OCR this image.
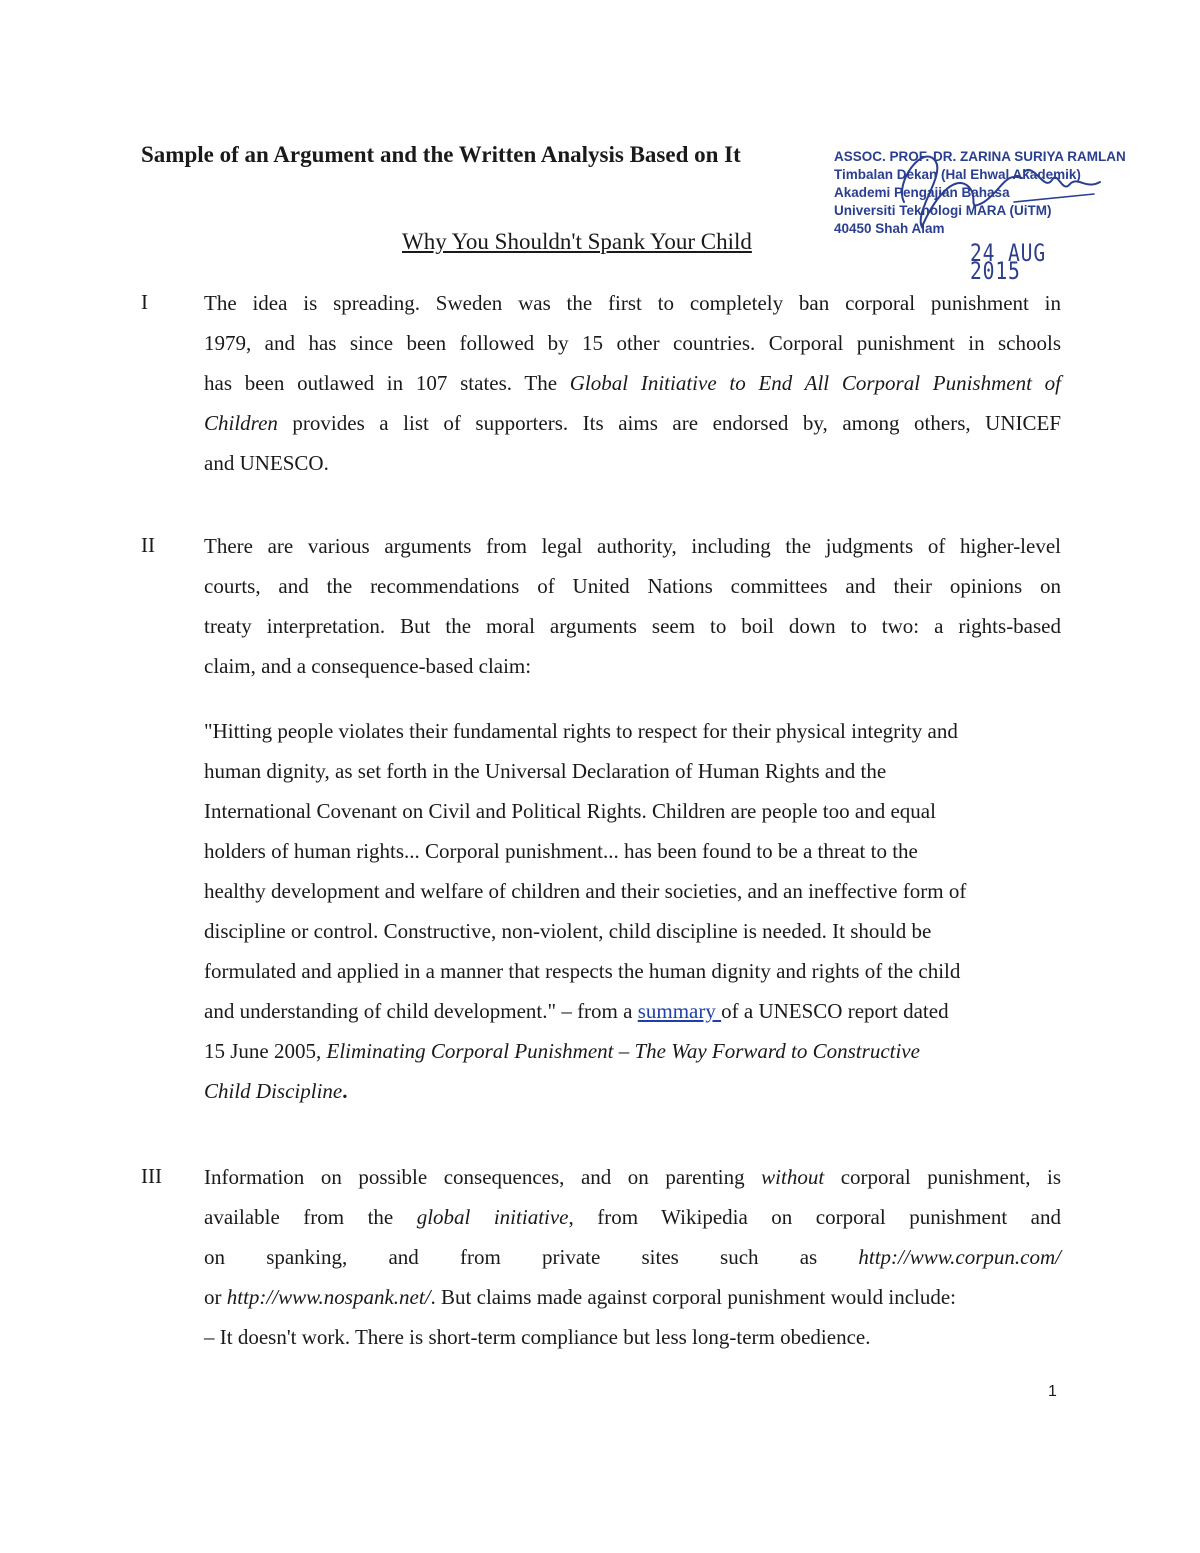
Sample of an Argument and the Written Analysis Based on It	ASSOC. PROF. DR. ZARINA SURIYA RAMLAN
Timbalan Dekan (Hal Ehwal Akademik)
Akademi Pengajian Bahasa
Universiti Teknologi MARA (UiTM)
40450 Shah Alam
24 AUG 2015
Why You Shouldn't Spank Your Child
I	The idea is spreading. Sweden was the first to completely ban corporal punishment in
1979, and has since been followed by 15 other countries. Corporal punishment in schools
has been outlawed in 107 states. The Global Initiative to End All Corporal Punishment of
Children provides a list of supporters. Its aims are endorsed by, among others, UNICEF
and UNESCO.
II There are various arguments from legal authority, including the judgments of higher-level
courts, and the recommendations of United Nations committees and their opinions on
treaty interpretation. But the moral arguments seem to boil down to two: a rights-based
claim, and a consequence-based claim:
"Hitting people violates their fundamental rights to respect for their physical integrity and
human dignity, as set forth in the Universal Declaration of Human Rights and the
International Covenant on Civil and Political Rights. Children are people too and equal
holders of human rights... Corporal punishment... has been found to be a threat to the
healthy development and welfare of children and their societies, and an ineffective form of
discipline or control. Constructive, non-violent, child discipline is needed. It should be
formulated and applied in a manner that respects the human dignity and rights of the child
and understanding of child development." – from a summary of a UNESCO report dated
15 June 2005, Eliminating Corporal Punishment – The Way Forward to Constructive
Child Discipline.
III Information on possible consequences, and on parenting without corporal punishment, is
available from the global initiative, from Wikipedia on corporal punishment and
on spanking, and from private sites such as http://www.corpun.com/
or http://www.nospank.net/. But claims made against corporal punishment would include:
– It doesn't work. There is short-term compliance but less long-term obedience.
1
